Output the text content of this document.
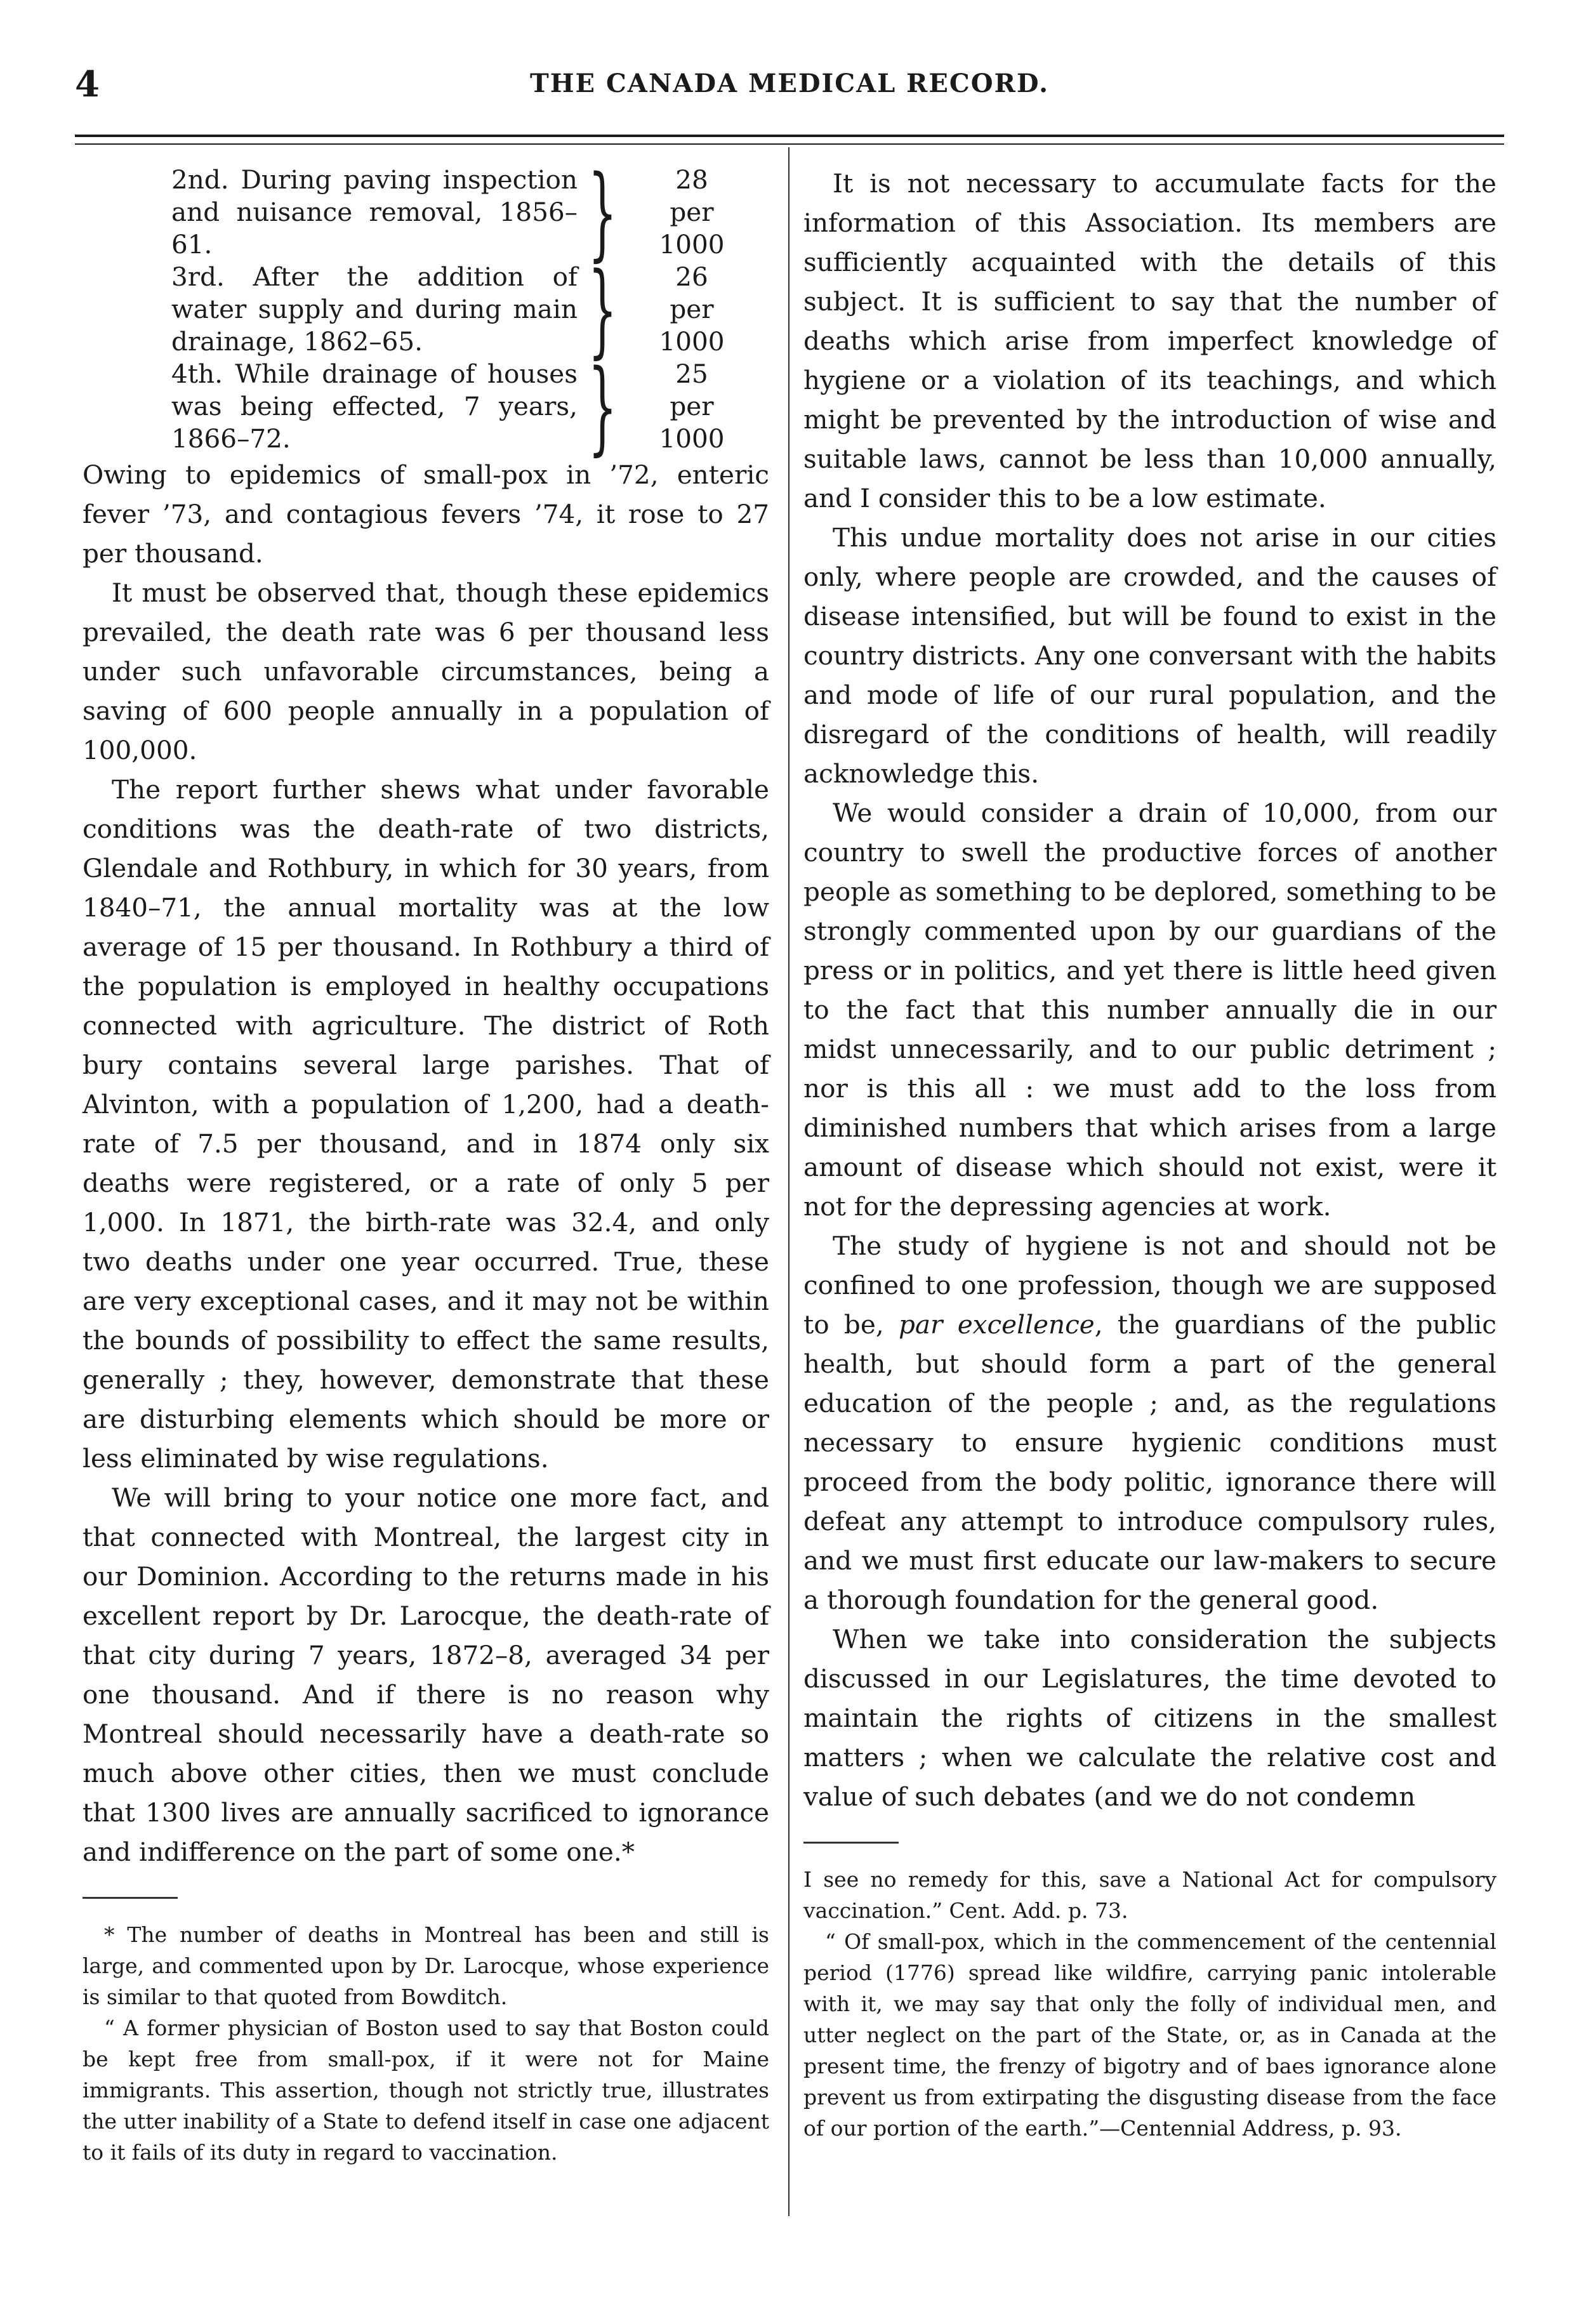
4	THE CANADA MEDICAL RECORD.
2nd. During paving inspection and nuisance removal, 1856–61.	}	28
per
1000
3rd. After the addition of water supply and during main drainage, 1862–65.	}	26
per
1000
4th. While drainage of houses was being effected, 7 years, 1866–72.	}	25
per
1000

Owing to epidemics of small-pox in ’72, enteric fever ’73, and contagious fevers ’74, it rose to 27 per thousand.

It must be observed that, though these epidemics prevailed, the death rate was 6 per thousand less under such unfavorable circumstances, being a saving of 600 people annually in a population of 100,000.

The report further shews what under favorable conditions was the death-rate of two districts, Glendale and Rothbury, in which for 30 years, from 1840–71, the annual mortality was at the low average of 15 per thousand. In Rothbury a third of the population is employed in healthy occupations connected with agriculture. The district of Roth bury contains several large parishes. That of Alvinton, with a population of 1,200, had a death-rate of 7.5 per thousand, and in 1874 only six deaths were registered, or a rate of only 5 per 1,000. In 1871, the birth-rate was 32.4, and only two deaths under one year occurred. True, these are very exceptional cases, and it may not be within the bounds of possibility to effect the same results, generally ; they, however, demonstrate that these are disturbing elements which should be more or less eliminated by wise regulations.

We will bring to your notice one more fact, and that connected with Montreal, the largest city in our Dominion. According to the returns made in his excellent report by Dr. Larocque, the death-rate of that city during 7 years, 1872–8, averaged 34 per one thousand. And if there is no reason why Montreal should necessarily have a death-rate so much above other cities, then we must conclude that 1300 lives are annually sacrificed to ignorance and indifference on the part of some one.*

* The number of deaths in Montreal has been and still is large, and commented upon by Dr. Larocque, whose experience is similar to that quoted from Bowditch.

“ A former physician of Boston used to say that Boston could be kept free from small-pox, if it were not for Maine immigrants. This assertion, though not strictly true, illustrates the utter inability of a State to defend itself in case one adjacent to it fails of its duty in regard to vaccination.

It is not necessary to accumulate facts for the information of this Association. Its members are sufficiently acquainted with the details of this subject. It is sufficient to say that the number of deaths which arise from imperfect knowledge of hygiene or a violation of its teachings, and which might be prevented by the introduction of wise and suitable laws, cannot be less than 10,000 annually, and I consider this to be a low estimate.

This undue mortality does not arise in our cities only, where people are crowded, and the causes of disease intensified, but will be found to exist in the country districts. Any one conversant with the habits and mode of life of our rural population, and the disregard of the conditions of health, will readily acknowledge this.

We would consider a drain of 10,000, from our country to swell the productive forces of another people as something to be deplored, something to be strongly commented upon by our guardians of the press or in politics, and yet there is little heed given to the fact that this number annually die in our midst unnecessarily, and to our public detriment ; nor is this all : we must add to the loss from diminished numbers that which arises from a large amount of disease which should not exist, were it not for the depressing agencies at work.

The study of hygiene is not and should not be confined to one profession, though we are supposed to be, par excellence, the guardians of the public health, but should form a part of the general education of the people ; and, as the regulations necessary to ensure hygienic conditions must proceed from the body politic, ignorance there will defeat any attempt to introduce compulsory rules, and we must first educate our law-makers to secure a thorough foundation for the general good.

When we take into consideration the subjects discussed in our Legislatures, the time devoted to maintain the rights of citizens in the smallest matters ; when we calculate the relative cost and value of such debates (and we do not condemn

I see no remedy for this, save a National Act for compulsory vaccination.” Cent. Add. p. 73.

“ Of small-pox, which in the commencement of the centennial period (1776) spread like wildfire, carrying panic intolerable with it, we may say that only the folly of individual men, and utter neglect on the part of the State, or, as in Canada at the present time, the frenzy of bigotry and of baes ignorance alone prevent us from extirpating the disgusting disease from the face of our portion of the earth.”—Centennial Address, p. 93.
